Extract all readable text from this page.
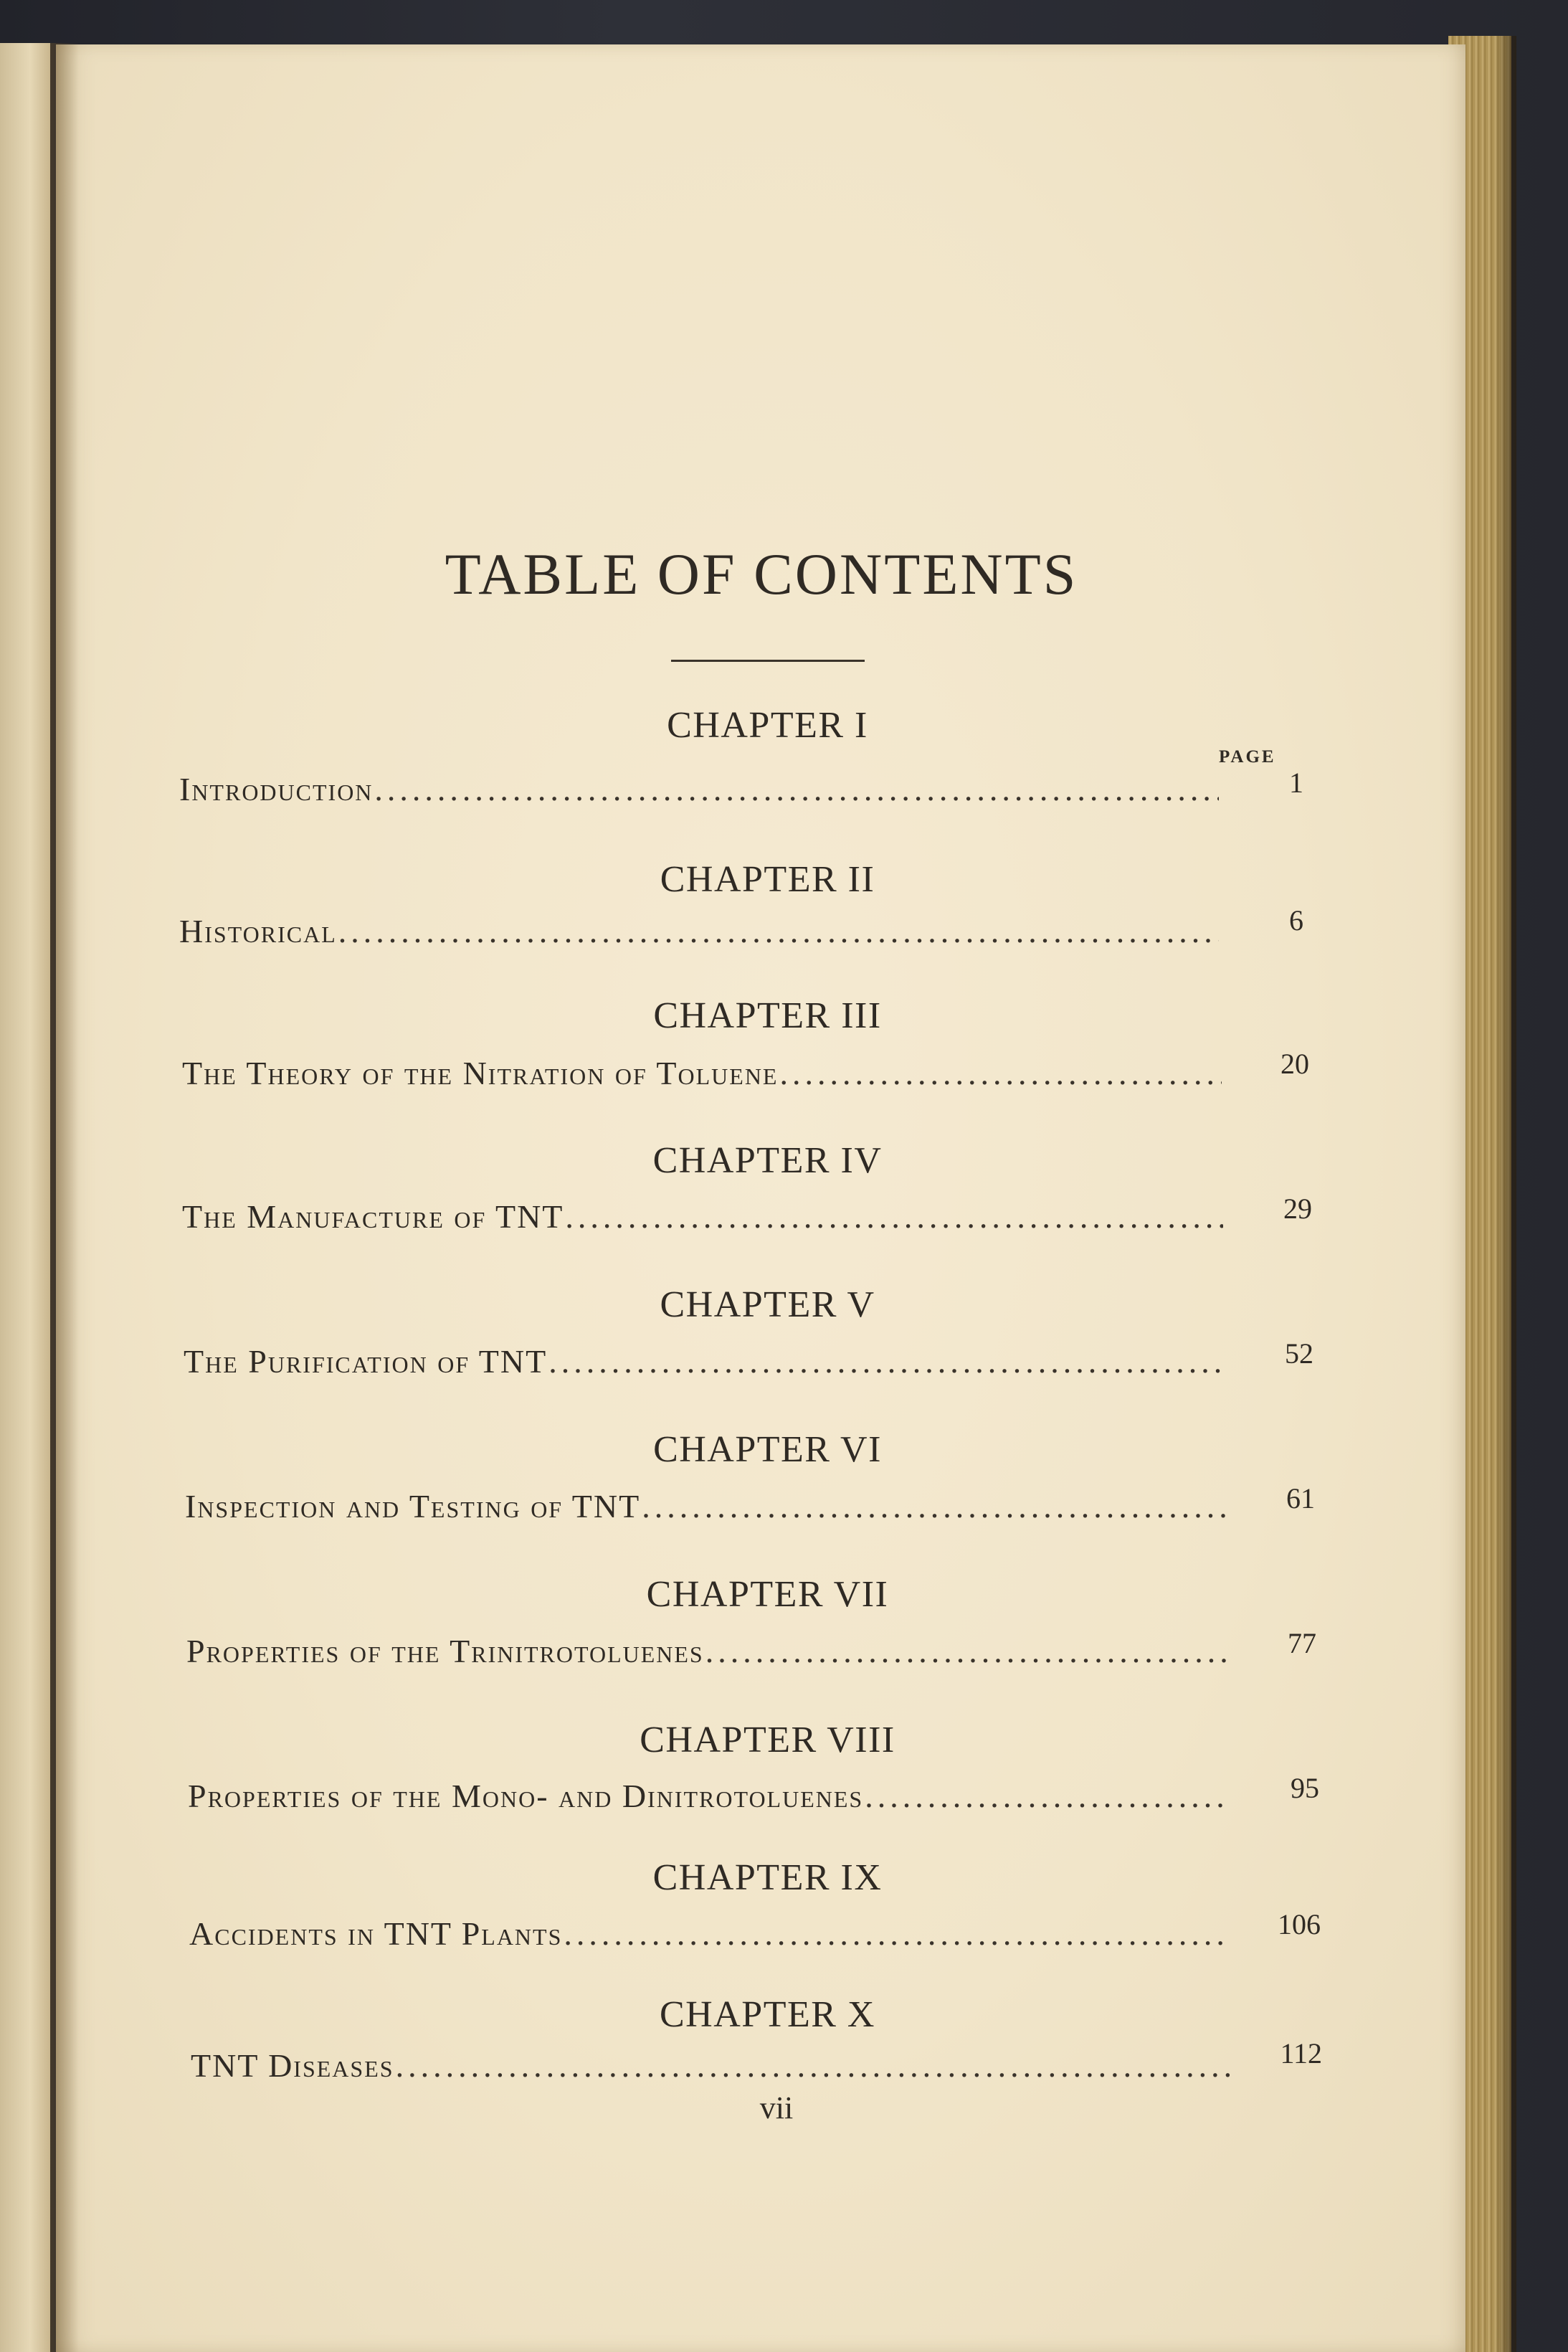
TABLE OF CONTENTS
PAGE
CHAPTER I
Introduction .....	1
CHAPTER II
Historical .....	6
CHAPTER III
The Theory of the Nitration of Toluene .....	20
CHAPTER IV
The Manufacture of TNT .....	29
CHAPTER V
The Purification of TNT .....	52
CHAPTER VI
Inspection and Testing of TNT .....	61
CHAPTER VII
Properties of the Trinitrotoluenes .....	77
CHAPTER VIII
Properties of the Mono- and Dinitrotoluenes .....	95
CHAPTER IX
Accidents in TNT Plants .....	106
CHAPTER X
TNT Diseases .....	112
vii
